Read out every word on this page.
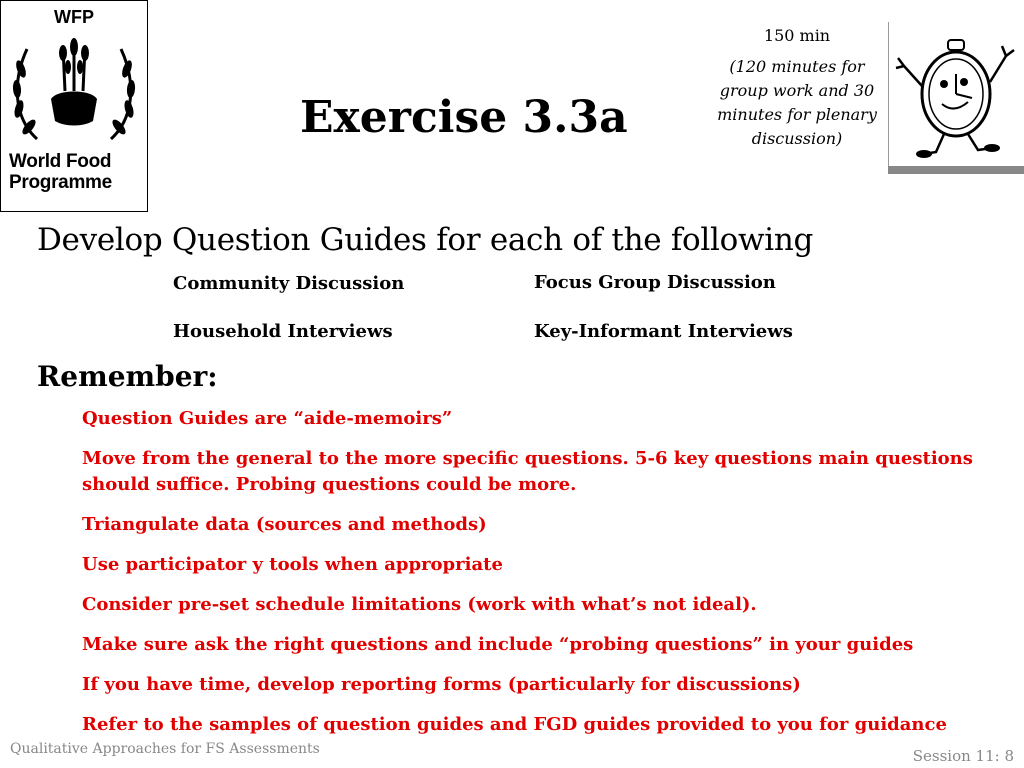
WFP
World Food
Programme
Exercise 3.3a
150 min
(120 minutes for group work and 30 minutes for plenary discussion)
Develop Question Guides for each of the following
Community Discussion	Focus Group Discussion
Household Interviews	Key-Informant Interviews
Remember:
Question Guides are “aide-memoirs”
Move from the general to the more specific questions. 5-6 key questions main questions should suffice. Probing questions could be more.
Triangulate data (sources and methods)
Use participator y tools when appropriate
Consider pre-set schedule limitations (work with what’s not ideal).
Make sure ask the right questions and include “probing questions” in your guides
If you have time, develop reporting forms (particularly for discussions)
Refer to the samples of question guides and FGD guides provided to you for guidance
Qualitative Approaches for FS Assessments	Session 11: 8
